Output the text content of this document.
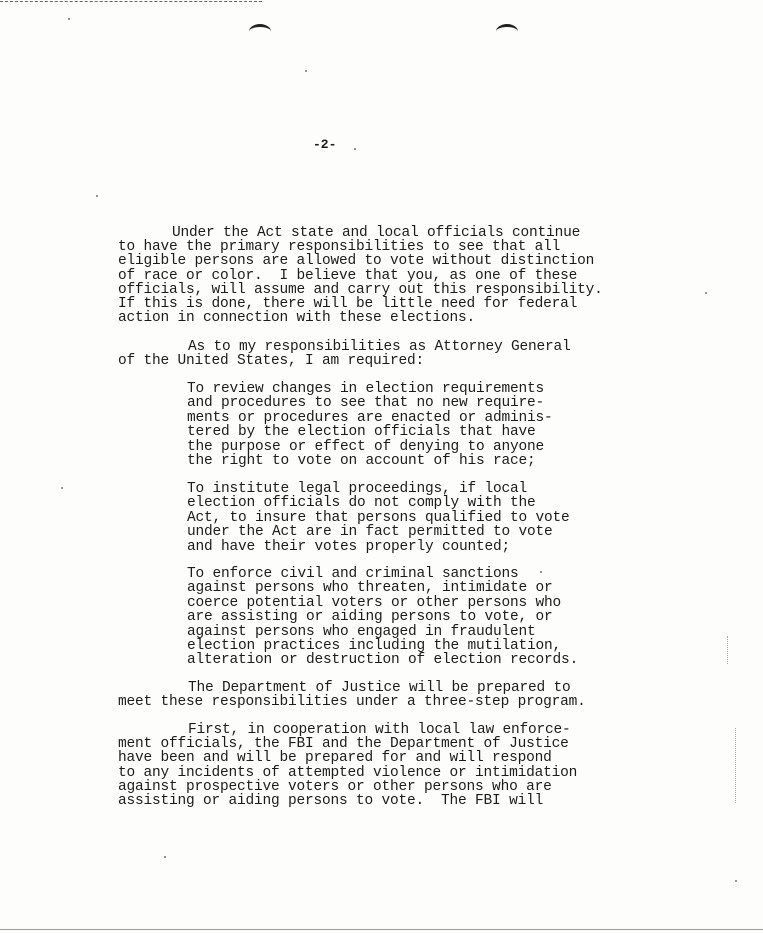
-2-
Under the Act state and local officials continue
to have the primary responsibilities to see that all
eligible persons are allowed to vote without distinction
of race or color.  I believe that you, as one of these
officials, will assume and carry out this responsibility.
If this is done, there will be little need for federal
action in connection with these elections.
As to my responsibilities as Attorney General
of the United States, I am required:
To review changes in election requirements
and procedures to see that no new require-
ments or procedures are enacted or adminis-
tered by the election officials that have
the purpose or effect of denying to anyone
the right to vote on account of his race;
To institute legal proceedings, if local
election officials do not comply with the
Act, to insure that persons qualified to vote
under the Act are in fact permitted to vote
and have their votes properly counted;
To enforce civil and criminal sanctions
against persons who threaten, intimidate or
coerce potential voters or other persons who
are assisting or aiding persons to vote, or
against persons who engaged in fraudulent
election practices including the mutilation,
alteration or destruction of election records.
The Department of Justice will be prepared to
meet these responsibilities under a three-step program.
First, in cooperation with local law enforce-
ment officials, the FBI and the Department of Justice
have been and will be prepared for and will respond
to any incidents of attempted violence or intimidation
against prospective voters or other persons who are
assisting or aiding persons to vote.  The FBI will
